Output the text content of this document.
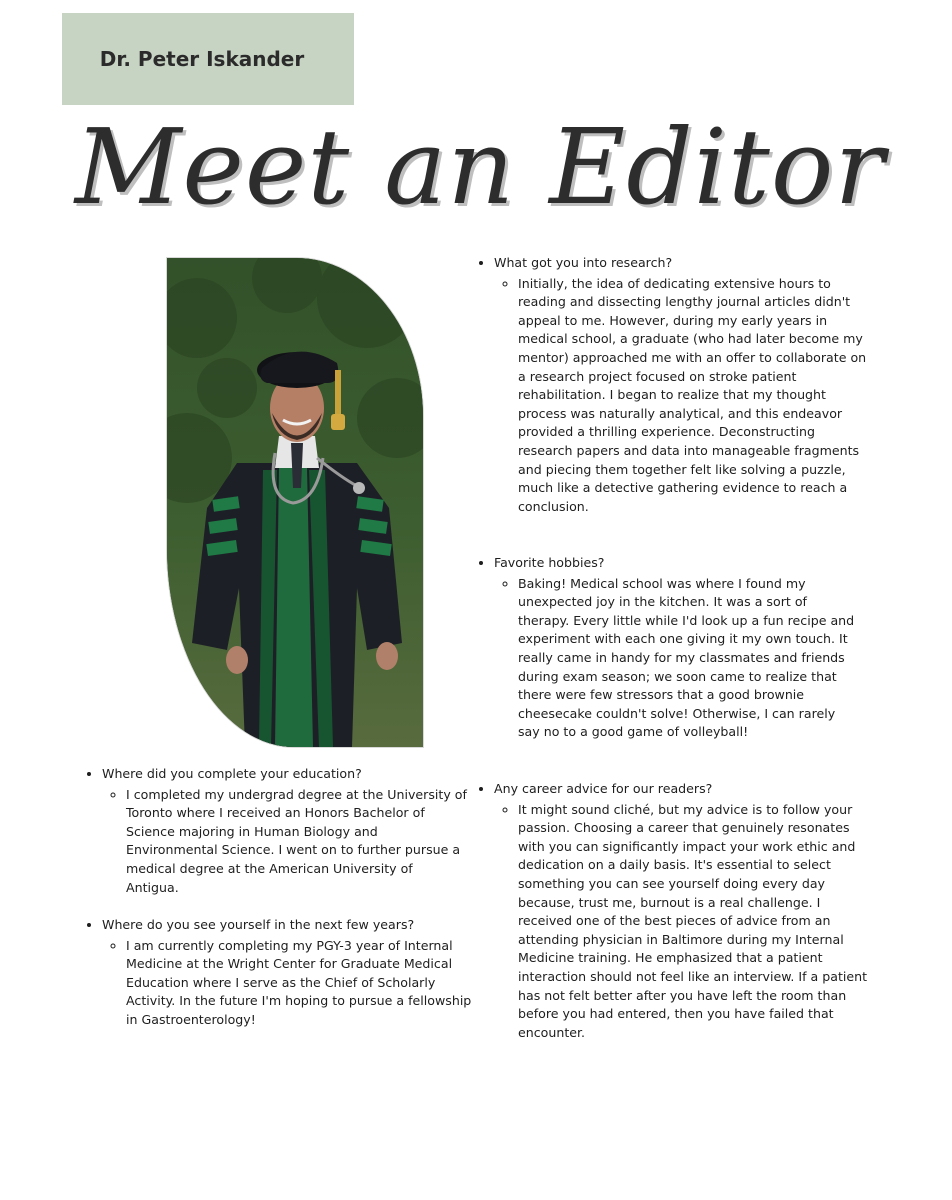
Dr. Peter Iskander
Meet an Editor
• What got you into research?
◦ Initially, the idea of dedicating extensive hours to reading and dissecting lengthy journal articles didn't appeal to me. However, during my early years in medical school, a graduate (who had later become my mentor) approached me with an offer to collaborate on a research project focused on stroke patient rehabilitation. I began to realize that my thought process was naturally analytical, and this endeavor provided a thrilling experience. Deconstructing research papers and data into manageable fragments and piecing them together felt like solving a puzzle, much like a detective gathering evidence to reach a conclusion.
• Favorite hobbies?
◦ Baking! Medical school was where I found my unexpected joy in the kitchen. It was a sort of therapy. Every little while I'd look up a fun recipe and experiment with each one giving it my own touch. It really came in handy for my classmates and friends during exam season; we soon came to realize that there were few stressors that a good brownie cheesecake couldn't solve! Otherwise, I can rarely say no to a good game of volleyball!
• Any career advice for our readers?
◦ It might sound cliché, but my advice is to follow your passion. Choosing a career that genuinely resonates with you can significantly impact your work ethic and dedication on a daily basis. It's essential to select something you can see yourself doing every day because, trust me, burnout is a real challenge. I received one of the best pieces of advice from an attending physician in Baltimore during my Internal Medicine training. He emphasized that a patient interaction should not feel like an interview. If a patient has not felt better after you have left the room than before you had entered, then you have failed that encounter.
• Where did you complete your education?
◦ I completed my undergrad degree at the University of Toronto where I received an Honors Bachelor of Science majoring in Human Biology and Environmental Science. I went on to further pursue a medical degree at the American University of Antigua.
• Where do you see yourself in the next few years?
◦ I am currently completing my PGY-3 year of Internal Medicine at the Wright Center for Graduate Medical Education where I serve as the Chief of Scholarly Activity. In the future I'm hoping to pursue a fellowship in Gastroenterology!
